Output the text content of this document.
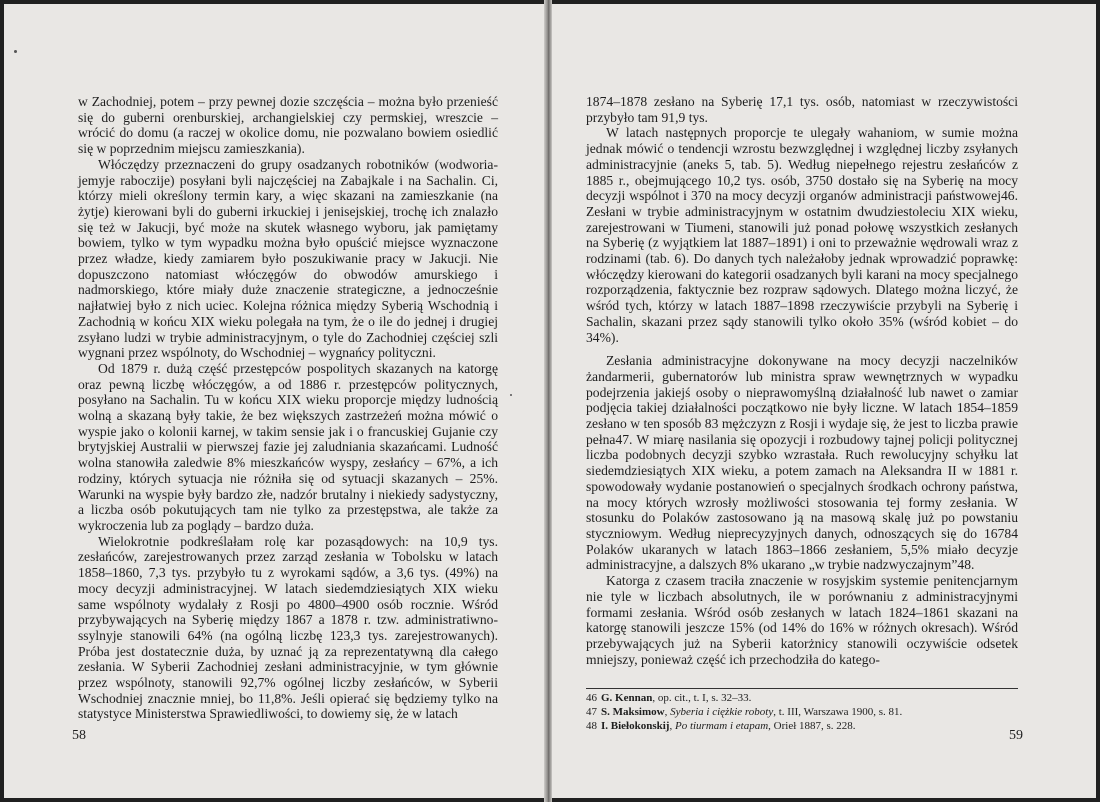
w Zachodniej, potem – przy pewnej dozie szczęścia – można było przenieść się do guberni orenburskiej, archangielskiej czy permskiej, wreszcie – wrócić do domu (a raczej w okolice domu, nie pozwalano bowiem osiedlić się w poprzednim miejscu zamieszkania).

Włóczędzy przeznaczeni do grupy osadzanych robotników (wodworia-jemyje raboczije) posyłani byli najczęściej na Zabajkale i na Sachalin. Ci, którzy mieli określony termin kary, a więc skazani na zamieszkanie (na żytje) kierowani byli do guberni irkuckiej i jenisejskiej, trochę ich znalazło się też w Jakucji, być może na skutek własnego wyboru, jak pamiętamy bowiem, tylko w tym wypadku można było opuścić miejsce wyznaczone przez władze, kiedy zamiarem było poszukiwanie pracy w Jakucji. Nie dopuszczono natomiast włóczęgów do obwodów amurskiego i nadmorskiego, które miały duże znaczenie strategiczne, a jednocześnie najłatwiej było z nich uciec. Kolejna różnica między Syberią Wschodnią i Zachodnią w końcu XIX wieku polegała na tym, że o ile do jednej i drugiej zsyłano ludzi w trybie administracyjnym, o tyle do Zachodniej częściej szli wygnani przez wspólnoty, do Wschodniej – wygnańcy polityczni.

Od 1879 r. dużą część przestępców pospolitych skazanych na katorgę oraz pewną liczbę włóczęgów, a od 1886 r. przestępców politycznych, posyłano na Sachalin. Tu w końcu XIX wieku proporcje między ludnością wolną a skazaną były takie, że bez większych zastrzeżeń można mówić o wyspie jako o kolonii karnej, w takim sensie jak i o francuskiej Gujanie czy brytyjskiej Australii w pierwszej fazie jej zaludniania skazańcami. Ludność wolna stanowiła zaledwie 8% mieszkańców wyspy, zesłańcy – 67%, a ich rodziny, których sytuacja nie różniła się od sytuacji skazanych – 25%. Warunki na wyspie były bardzo złe, nadzór brutalny i niekiedy sadystyczny, a liczba osób pokutujących tam nie tylko za przestępstwa, ale także za wykroczenia lub za poglądy – bardzo duża.

Wielokrotnie podkreślałam rolę kar pozasądowych: na 10,9 tys. zesłańców, zarejestrowanych przez zarząd zesłania w Tobolsku w latach 1858–1860, 7,3 tys. przybyło tu z wyrokami sądów, a 3,6 tys. (49%) na mocy decyzji administracyjnej. W latach siedemdziesiątych XIX wieku same wspólnoty wydalały z Rosji po 4800–4900 osób rocznie. Wśród przybywających na Syberię między 1867 a 1878 r. tzw. administratiwno-ssylnyje stanowili 64% (na ogólną liczbę 123,3 tys. zarejestrowanych). Próba jest dostatecznie duża, by uznać ją za reprezentatywną dla całego zesłania. W Syberii Zachodniej zesłani administracyjnie, w tym głównie przez wspólnoty, stanowili 92,7% ogólnej liczby zesłańców, w Syberii Wschodniej znacznie mniej, bo 11,8%. Jeśli opierać się będziemy tylko na statystyce Ministerstwa Sprawiedliwości, to dowiemy się, że w latach

58

1874–1878 zesłano na Syberię 17,1 tys. osób, natomiast w rzeczywistości przybyło tam 91,9 tys.

W latach następnych proporcje te ulegały wahaniom, w sumie można jednak mówić o tendencji wzrostu bezwzględnej i względnej liczby zsyłanych administracyjnie (aneks 5, tab. 5). Według niepełnego rejestru zesłańców z 1885 r., obejmującego 10,2 tys. osób, 3750 dostało się na Syberię na mocy decyzji wspólnot i 370 na mocy decyzji organów administracji państwowej46. Zesłani w trybie administracyjnym w ostatnim dwudziestoleciu XIX wieku, zarejestrowani w Tiumeni, stanowili już ponad połowę wszystkich zesłanych na Syberię (z wyjątkiem lat 1887–1891) i oni to przeważnie wędrowali wraz z rodzinami (tab. 6). Do danych tych należałoby jednak wprowadzić poprawkę: włóczędzy kierowani do kategorii osadzanych byli karani na mocy specjalnego rozporządzenia, faktycznie bez rozpraw sądowych. Dlatego można liczyć, że wśród tych, którzy w latach 1887–1898 rzeczywiście przybyli na Syberię i Sachalin, skazani przez sądy stanowili tylko około 35% (wśród kobiet – do 34%).

Zesłania administracyjne dokonywane na mocy decyzji naczelników żandarmerii, gubernatorów lub ministra spraw wewnętrznych w wypadku podejrzenia jakiejś osoby o nieprawomyślną działalność lub nawet o zamiar podjęcia takiej działalności początkowo nie były liczne. W latach 1854–1859 zesłano w ten sposób 83 mężczyzn z Rosji i wydaje się, że jest to liczba prawie pełna47. W miarę nasilania się opozycji i rozbudowy tajnej policji politycznej liczba podobnych decyzji szybko wzrastała. Ruch rewolucyjny schyłku lat siedemdziesiątych XIX wieku, a potem zamach na Aleksandra II w 1881 r. spowodowały wydanie postanowień o specjalnych środkach ochrony państwa, na mocy których wzrosły możliwości stosowania tej formy zesłania. W stosunku do Polaków zastosowano ją na masową skalę już po powstaniu styczniowym. Według nieprecyzyjnych danych, odnoszących się do 16784 Polaków ukaranych w latach 1863–1866 zesłaniem, 5,5% miało decyzje administracyjne, a dalszych 8% ukarano „w trybie nadzwyczajnym”48.

Katorga z czasem traciła znaczenie w rosyjskim systemie penitencjarnym nie tyle w liczbach absolutnych, ile w porównaniu z administracyjnymi formami zesłania. Wśród osób zesłanych w latach 1824–1861 skazani na katorgę stanowili jeszcze 15% (od 14% do 16% w różnych okresach). Wśród przebywających już na Syberii katorżnicy stanowili oczywiście odsetek mniejszy, ponieważ część ich przechodziła do katego-

46 G. Kennan, op. cit., t. I, s. 32–33.
47 S. Maksimow, Syberia i ciężkie roboty, t. III, Warszawa 1900, s. 81.
48 I. Biełokonskij, Po tiurmam i etapam, Orieł 1887, s. 228.
59
